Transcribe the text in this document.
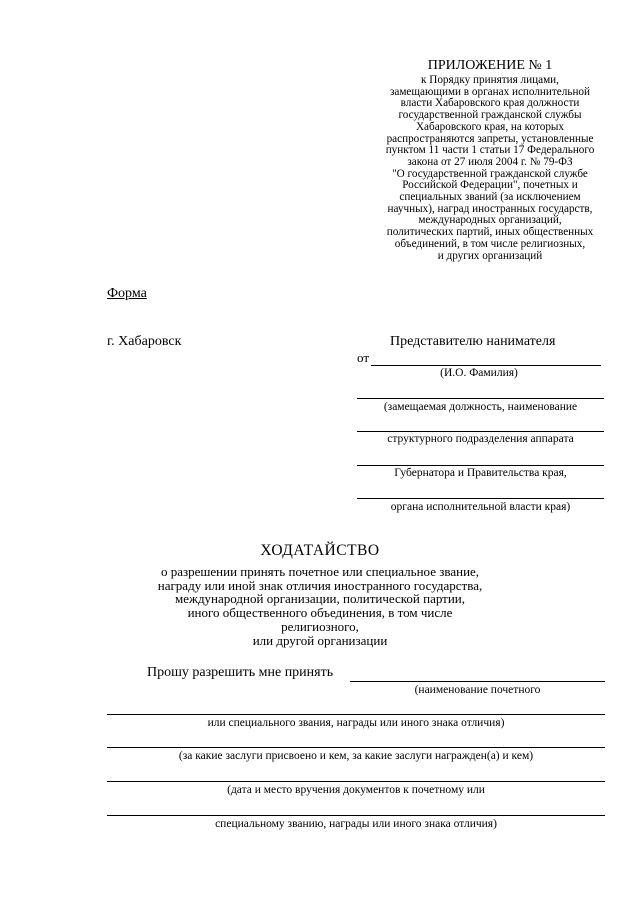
ПРИЛОЖЕНИЕ № 1
к Порядку принятия лицами,
замещающими в органах исполнительной
власти Хабаровского края должности
государственной гражданской службы
Хабаровского края, на которых
распространяются запреты, установленные
пунктом 11 части 1 статьи 17 Федерального
закона от 27 июля 2004 г. № 79-ФЗ
"О государственной гражданской службе
Российской Федерации", почетных и
специальных званий (за исключением
научных), наград иностранных государств,
международных организаций,
политических партий, иных общественных
объединений, в том числе религиозных,
и других организаций
Форма
г. Хабаровск	Представителю нанимателя
от
(И.О. Фамилия)
(замещаемая должность, наименование
структурного подразделения аппарата
Губернатора и Правительства края,
органа исполнительной власти края)
ХОДАТАЙСТВО
о разрешении принять почетное или специальное звание,
награду или иной знак отличия иностранного государства,
международной организации, политической партии,
иного общественного объединения, в том числе религиозного,
или другой организации
Прошу разрешить мне принять
(наименование почетного
или специального звания, награды или иного знака отличия)
(за какие заслуги присвоено и кем, за какие заслуги награжден(а) и кем)
(дата и место вручения документов к почетному или
специальному званию, награды или иного знака отличия)
